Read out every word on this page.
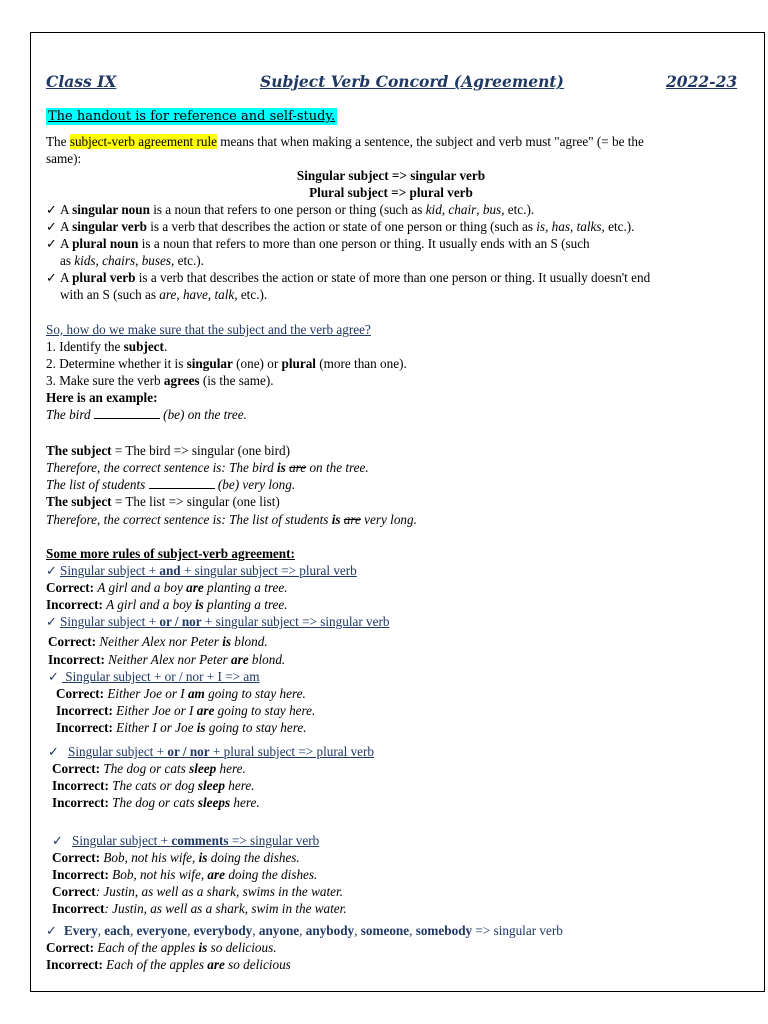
Class IX	Subject Verb Concord (Agreement)	2022-23
The handout is for reference and self-study.
The subject-verb agreement rule means that when making a sentence, the subject and verb must "agree" (= be the
same):
Singular subject => singular verb
Plural subject => plural verb
✓ A singular noun is a noun that refers to one person or thing (such as kid, chair, bus, etc.).
✓ A singular verb is a verb that describes the action or state of one person or thing (such as is, has, talks, etc.).
✓ A plural noun is a noun that refers to more than one person or thing. It usually ends with an S (such
as kids, chairs, buses, etc.).
✓ A plural verb is a verb that describes the action or state of more than one person or thing. It usually doesn't end
with an S (such as are, have, talk, etc.).
So, how do we make sure that the subject and the verb agree?
1. Identify the subject.
2. Determine whether it is singular (one) or plural (more than one).
3. Make sure the verb agrees (is the same).
Here is an example:
The bird	(be) on the tree.
The subject = The bird => singular (one bird)
Therefore, the correct sentence is: The bird is are on the tree.
The list of students	(be) very long.
The subject = The list => singular (one list)
Therefore, the correct sentence is: The list of students is are very long.
Some more rules of subject-verb agreement:
✓ Singular subject + and + singular subject => plural verb
Correct: A girl and a boy are planting a tree.
Incorrect: A girl and a boy is planting a tree.
✓ Singular subject + or / nor + singular subject => singular verb
Correct: Neither Alex nor Peter is blond.
Incorrect: Neither Alex nor Peter are blond.
✓ Singular subject + or / nor + I => am
Correct: Either Joe or I am going to stay here.
Incorrect: Either Joe or I are going to stay here.
Incorrect: Either I or Joe is going to stay here.
✓ Singular subject + or / nor + plural subject => plural verb
Correct: The dog or cats sleep here.
Incorrect: The cats or dog sleep here.
Incorrect: The dog or cats sleeps here.
✓ Singular subject + comments => singular verb
Correct: Bob, not his wife, is doing the dishes.
Incorrect: Bob, not his wife, are doing the dishes.
Correct: Justin, as well as a shark, swims in the water.
Incorrect: Justin, as well as a shark, swim in the water.
✓ Every, each, everyone, everybody, anyone, anybody, someone, somebody => singular verb
Correct: Each of the apples is so delicious.
Incorrect: Each of the apples are so delicious
